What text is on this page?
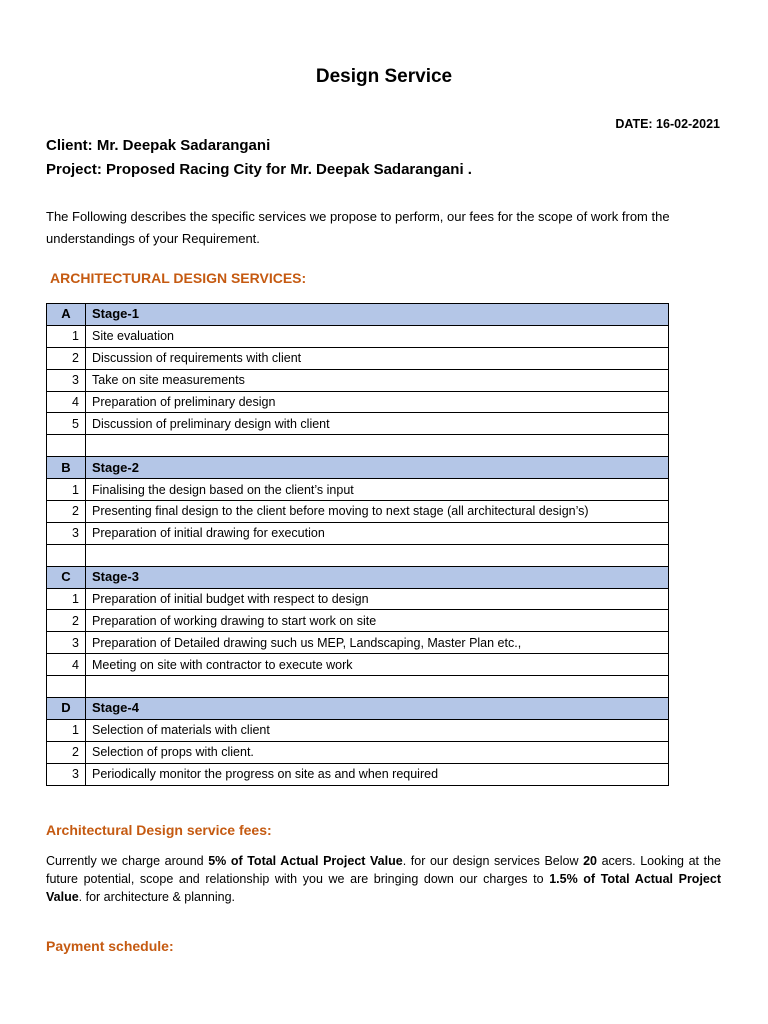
Design Service
DATE: 16-02-2021
Client: Mr. Deepak Sadarangani
Project: Proposed Racing City for Mr. Deepak Sadarangani .
The Following describes the specific services we propose to perform, our fees for the scope of work from the understandings of your Requirement.
ARCHITECTURAL DESIGN SERVICES:
A	Stage-1
1	Site evaluation
2	Discussion of requirements with client
3	Take on site measurements
4	Preparation of preliminary design
5	Discussion of preliminary design with client

B	Stage-2
1	Finalising the design based on the client’s input
2	Presenting final design to the client before moving to next stage (all architectural design’s)
3	Preparation of initial drawing for execution

C	Stage-3
1	Preparation of initial budget with respect to design
2	Preparation of working drawing to start work on site
3	Preparation of Detailed drawing such us MEP, Landscaping, Master Plan etc.,
4	Meeting on site with contractor to execute work

D	Stage-4
1	Selection of materials with client
2	Selection of props with client.
3	Periodically monitor the progress on site as and when required
Architectural Design service fees:
Currently we charge around 5% of Total Actual Project Value. for our design services Below 20 acers. Looking at the future potential, scope and relationship with you we are bringing down our charges to 1.5% of Total Actual Project Value. for architecture & planning.
Payment schedule:
